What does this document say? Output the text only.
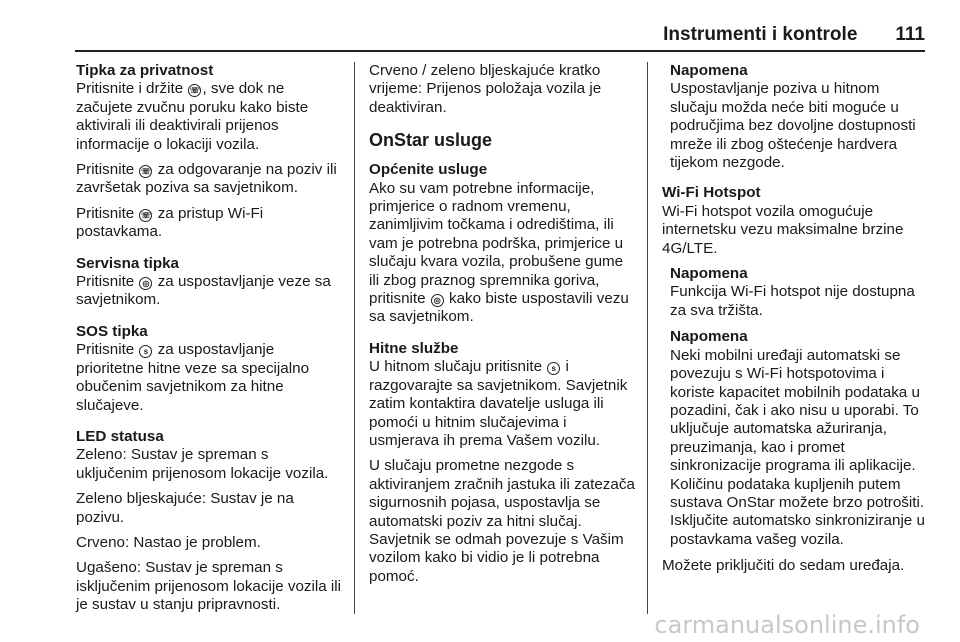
Instrumenti i kontrole 111
Tipka za privatnost

Pritisnite i držite ☏ , sve dok ne začujete zvučnu poruku kako biste aktivirali ili deaktivirali prijenos informacije o lokaciji vozila.

Pritisnite ☏ za odgovaranje na poziv ili završetak poziva sa savjetnikom.

Pritisnite ☏ za pristup Wi-Fi postavkama.

Servisna tipka

Pritisnite ◎ za uspostavljanje veze sa savjetnikom.

SOS tipka

Pritisnite s za uspostavljanje prioritetne hitne veze sa specijalno obučenim savjetnikom za hitne slučajeve.

LED statusa

Zeleno: Sustav je spreman s uključenim prijenosom lokacije vozila.

Zeleno bljeskajuće: Sustav je na pozivu.

Crveno: Nastao je problem.

Ugašeno: Sustav je spreman s isključenim prijenosom lokacije vozila ili je sustav u stanju pripravnosti.

Crveno / zeleno bljeskajuće kratko vrijeme: Prijenos položaja vozila je deaktiviran.

OnStar usluge
Općenite usluge

Ako su vam potrebne informacije, primjerice o radnom vremenu, zanimljivim točkama i odredištima, ili vam je potrebna podrška, primjerice u slučaju kvara vozila, probušene gume ili zbog praznog spremnika goriva, pritisnite ◎ kako biste uspostavili vezu sa savjetnikom.

Hitne službe

U hitnom slučaju pritisnite s i razgovarajte sa savjetnikom. Savjetnik zatim kontaktira davatelje usluga ili pomoći u hitnim slučajevima i usmjerava ih prema Vašem vozilu.

U slučaju prometne nezgode s aktiviranjem zračnih jastuka ili zatezača sigurnosnih pojasa, uspostavlja se automatski poziv za hitni slučaj. Savjetnik se odmah povezuje s Vašim vozilom kako bi vidio je li potrebna pomoć.

Napomena
Uspostavljanje poziva u hitnom slučaju možda neće biti moguće u područjima bez dovoljne dostupnosti mreže ili zbog oštećenje hardvera tijekom nezgode.
Wi-Fi Hotspot

Wi-Fi hotspot vozila omogućuje internetsku vezu maksimalne brzine 4G/LTE.

Napomena
Funkcija Wi-Fi hotspot nije dostupna za sva tržišta.
Napomena
Neki mobilni uređaji automatski se povezuju s Wi-Fi hotspotovima i koriste kapacitet mobilnih podataka u pozadini, čak i ako nisu u uporabi. To uključuje automatska ažuriranja, preuzimanja, kao i promet sinkronizacije programa ili aplikacije. Količinu podataka kupljenih putem sustava OnStar možete brzo potrošiti. Isključite automatsko sinkroniziranje u postavkama vašeg vozila.

Možete priključiti do sedam uređaja.

carmanualsonline.info
